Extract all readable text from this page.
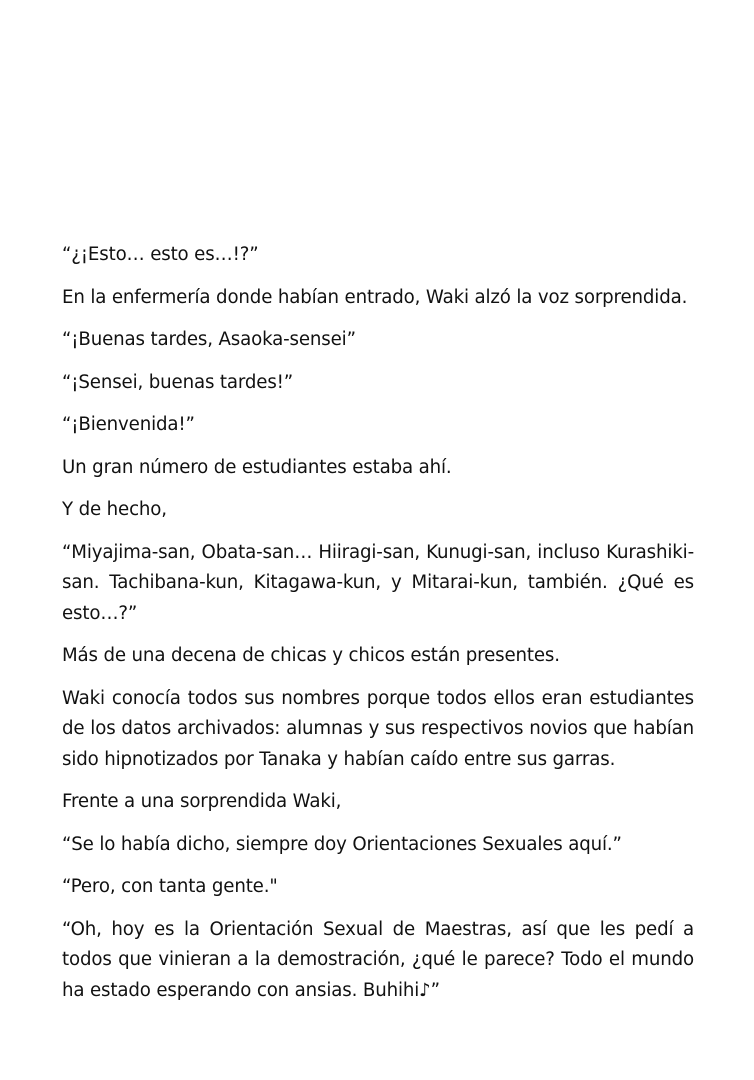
“¿¡Esto… esto es…!?”

En la enfermería donde habían entrado, Waki alzó la voz sorprendida.

“¡Buenas tardes, Asaoka-sensei”

“¡Sensei, buenas tardes!”

“¡Bienvenida!”

Un gran número de estudiantes estaba ahí.

Y de hecho,

“Miyajima-san, Obata-san… Hiiragi-san, Kunugi-san, incluso Kurashiki-san. Tachibana-kun, Kitagawa-kun, y Mitarai-kun, también. ¿Qué es esto…?”

Más de una decena de chicas y chicos están presentes.

Waki conocía todos sus nombres porque todos ellos eran estudiantes de los datos archivados: alumnas y sus respectivos novios que habían sido hipnotizados por Tanaka y habían caído entre sus garras.

Frente a una sorprendida Waki,

“Se lo había dicho, siempre doy Orientaciones Sexuales aquí.”

“Pero, con tanta gente."

“Oh, hoy es la Orientación Sexual de Maestras, así que les pedí a todos que vinieran a la demostración, ¿qué le parece? Todo el mundo ha estado esperando con ansias. Buhihi♪”
